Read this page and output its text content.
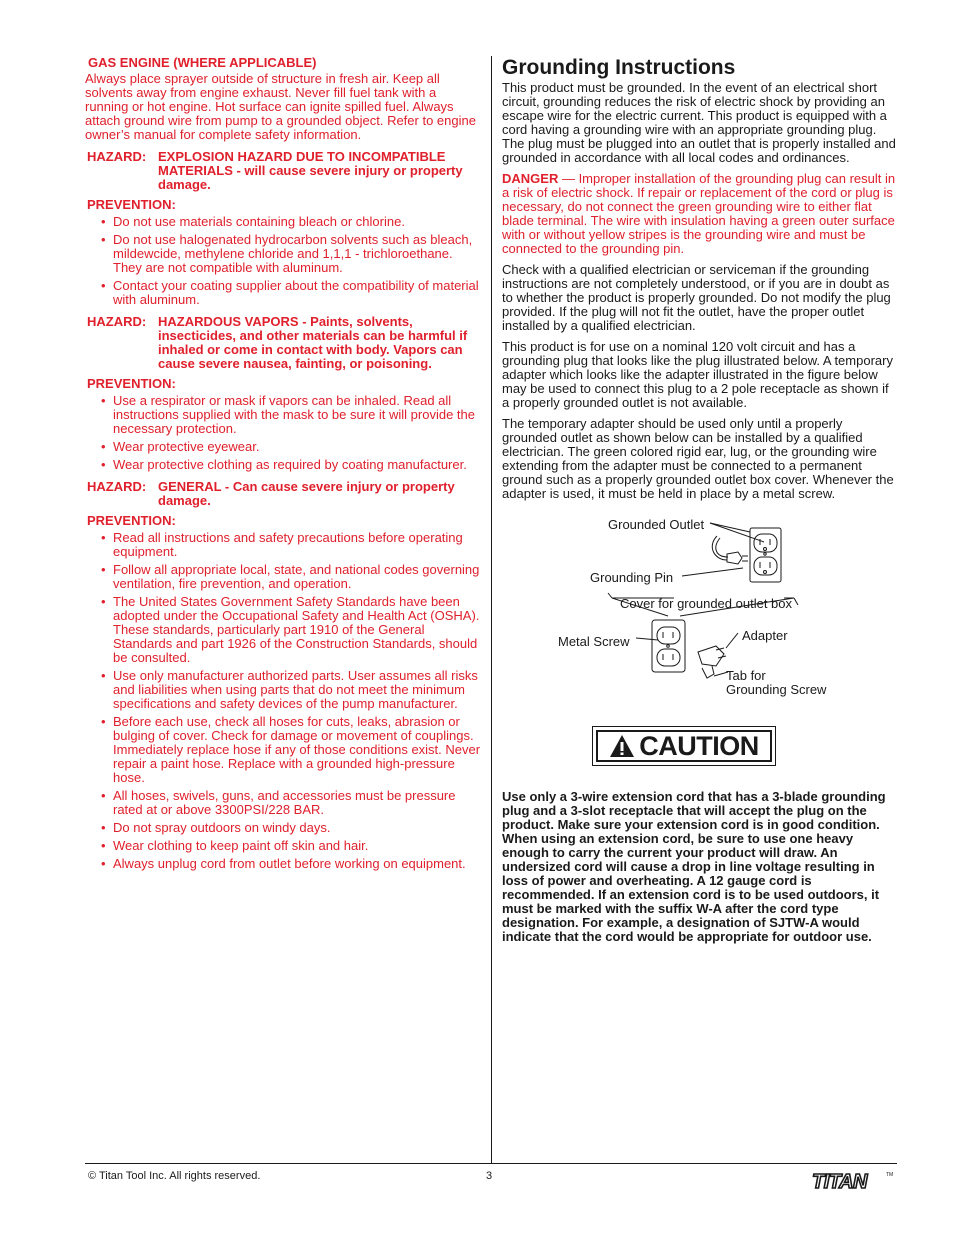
GAS ENGINE (WHERE APPLICABLE)

Always place sprayer outside of structure in fresh air. Keep all solvents away from engine exhaust. Never fill fuel tank with a running or hot engine. Hot surface can ignite spilled fuel. Always attach ground wire from pump to a grounded object. Refer to engine owner’s manual for complete safety information.

HAZARD: EXPLOSION HAZARD DUE TO INCOMPATIBLE MATERIALS - will cause severe injury or property damage.
PREVENTION:
• Do not use materials containing bleach or chlorine.
• Do not use halogenated hydrocarbon solvents such as bleach, mildewcide, methylene chloride and 1,1,1 - trichloroethane. They are not compatible with aluminum.
• Contact your coating supplier about the compatibility of material with aluminum.
HAZARD: HAZARDOUS VAPORS - Paints, solvents, insecticides, and other materials can be harmful if inhaled or come in contact with body. Vapors can cause severe nausea, fainting, or poisoning.
PREVENTION:
• Use a respirator or mask if vapors can be inhaled. Read all instructions supplied with the mask to be sure it will provide the necessary protection.
• Wear protective eyewear.
• Wear protective clothing as required by coating manufacturer.
HAZARD: GENERAL - Can cause severe injury or property damage.
PREVENTION:
• Read all instructions and safety precautions before operating equipment.
• Follow all appropriate local, state, and national codes governing ventilation, fire prevention, and operation.
• The United States Government Safety Standards have been adopted under the Occupational Safety and Health Act (OSHA). These standards, particularly part 1910 of the General Standards and part 1926 of the Construction Standards, should be consulted.
• Use only manufacturer authorized parts. User assumes all risks and liabilities when using parts that do not meet the minimum specifications and safety devices of the pump manufacturer.
• Before each use, check all hoses for cuts, leaks, abrasion or bulging of cover. Check for damage or movement of couplings. Immediately replace hose if any of those conditions exist. Never repair a paint hose. Replace with a grounded high-pressure hose.
• All hoses, swivels, guns, and accessories must be pressure rated at or above 3300PSI/228 BAR.
• Do not spray outdoors on windy days.
• Wear clothing to keep paint off skin and hair.
• Always unplug cord from outlet before working on equipment.
Grounding Instructions

This product must be grounded. In the event of an electrical short circuit, grounding reduces the risk of electric shock by providing an escape wire for the electric current. This product is equipped with a cord having a grounding wire with an appropriate grounding plug. The plug must be plugged into an outlet that is properly installed and grounded in accordance with all local codes and ordinances.

DANGER — Improper installation of the grounding plug can result in a risk of electric shock. If repair or replacement of the cord or plug is necessary, do not connect the green grounding wire to either flat blade terminal. The wire with insulation having a green outer surface with or without yellow stripes is the grounding wire and must be connected to the grounding pin.

Check with a qualified electrician or serviceman if the grounding instructions are not completely understood, or if you are in doubt as to whether the product is properly grounded. Do not modify the plug provided. If the plug will not fit the outlet, have the proper outlet installed by a qualified electrician.

This product is for use on a nominal 120 volt circuit and has a grounding plug that looks like the plug illustrated below. A temporary adapter which looks like the adapter illustrated in the figure below may be used to connect this plug to a 2 pole receptacle as shown if a properly grounded outlet is not available.

The temporary adapter should be used only until a properly grounded outlet as shown below can be installed by a qualified electrician. The green colored rigid ear, lug, or the grounding wire extending from the adapter must be connected to a permanent ground such as a properly grounded outlet box cover. Whenever the adapter is used, it must be held in place by a metal screw.

Grounded Outlet
Grounding Pin
Cover for grounded outlet box
Metal Screw	Adapter
Tab for
Grounding Screw
CAUTION

Use only a 3-wire extension cord that has a 3-blade grounding plug and a 3-slot receptacle that will accept the plug on the product. Make sure your extension cord is in good condition. When using an extension cord, be sure to use one heavy enough to carry the current your product will draw. An undersized cord will cause a drop in line voltage resulting in loss of power and overheating. A 12 gauge cord is recommended. If an extension cord is to be used outdoors, it must be marked with the suffix W-A after the cord type designation. For example, a designation of SJTW-A would indicate that the cord would be appropriate for outdoor use.

© Titan Tool Inc. All rights reserved.	3	TITAN	TM
